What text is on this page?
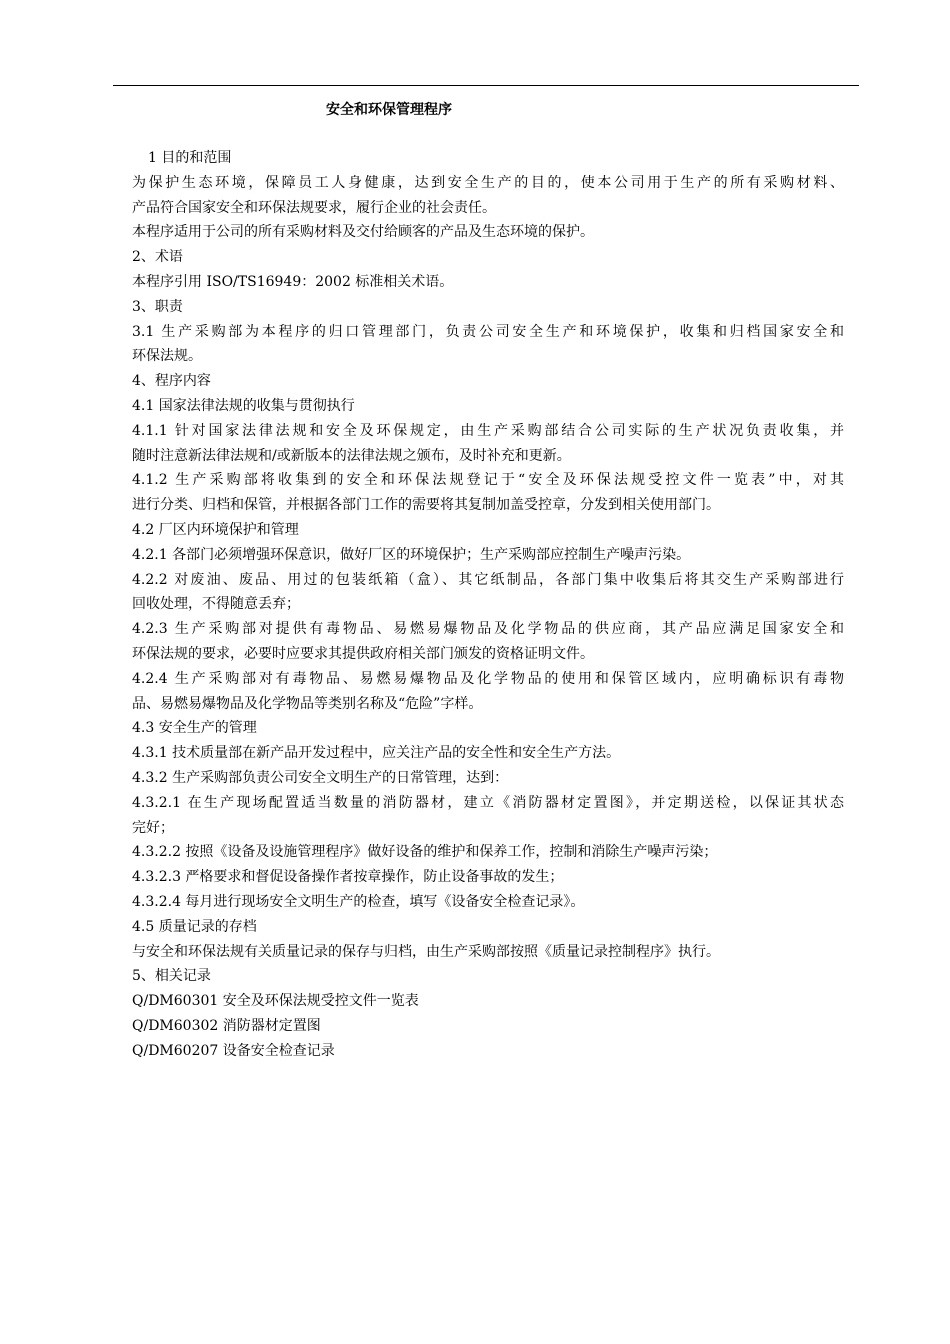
安全和环保管理程序
1 目的和范围
为保护生态环境，保障员工人身健康，达到安全生产的目的，使本公司用于生产的所有采购材料、
产品符合国家安全和环保法规要求，履行企业的社会责任。
本程序适用于公司的所有采购材料及交付给顾客的产品及生态环境的保护。
2、术语
本程序引用 ISO/TS16949：2002 标准相关术语。
3、职责
3.1 生产采购部为本程序的归口管理部门，负责公司安全生产和环境保护，收集和归档国家安全和
环保法规。
4、程序内容
4.1 国家法律法规的收集与贯彻执行
4.1.1 针对国家法律法规和安全及环保规定，由生产采购部结合公司实际的生产状况负责收集，并
随时注意新法律法规和/或新版本的法律法规之颁布，及时补充和更新。
4.1.2 生产采购部将收集到的安全和环保法规登记于“安全及环保法规受控文件一览表”中，对其
进行分类、归档和保管，并根据各部门工作的需要将其复制加盖受控章，分发到相关使用部门。
4.2 厂区内环境保护和管理
4.2.1 各部门必须增强环保意识，做好厂区的环境保护；生产采购部应控制生产噪声污染。
4.2.2 对废油、废品、用过的包装纸箱（盒）、其它纸制品，各部门集中收集后将其交生产采购部进行
回收处理，不得随意丢弃；
4.2.3 生产采购部对提供有毒物品、易燃易爆物品及化学物品的供应商，其产品应满足国家安全和
环保法规的要求，必要时应要求其提供政府相关部门颁发的资格证明文件。
4.2.4 生产采购部对有毒物品、易燃易爆物品及化学物品的使用和保管区域内，应明确标识有毒物
品、易燃易爆物品及化学物品等类别名称及“危险”字样。
4.3 安全生产的管理
4.3.1 技术质量部在新产品开发过程中，应关注产品的安全性和安全生产方法。
4.3.2 生产采购部负责公司安全文明生产的日常管理，达到：
4.3.2.1 在生产现场配置适当数量的消防器材，建立《消防器材定置图》，并定期送检，以保证其状态
完好；
4.3.2.2 按照《设备及设施管理程序》做好设备的维护和保养工作，控制和消除生产噪声污染；
4.3.2.3 严格要求和督促设备操作者按章操作，防止设备事故的发生；
4.3.2.4 每月进行现场安全文明生产的检查，填写《设备安全检查记录》。
4.5 质量记录的存档
与安全和环保法规有关质量记录的保存与归档，由生产采购部按照《质量记录控制程序》执行。
5、相关记录
Q/DM60301 安全及环保法规受控文件一览表
Q/DM60302 消防器材定置图
Q/DM60207 设备安全检查记录
